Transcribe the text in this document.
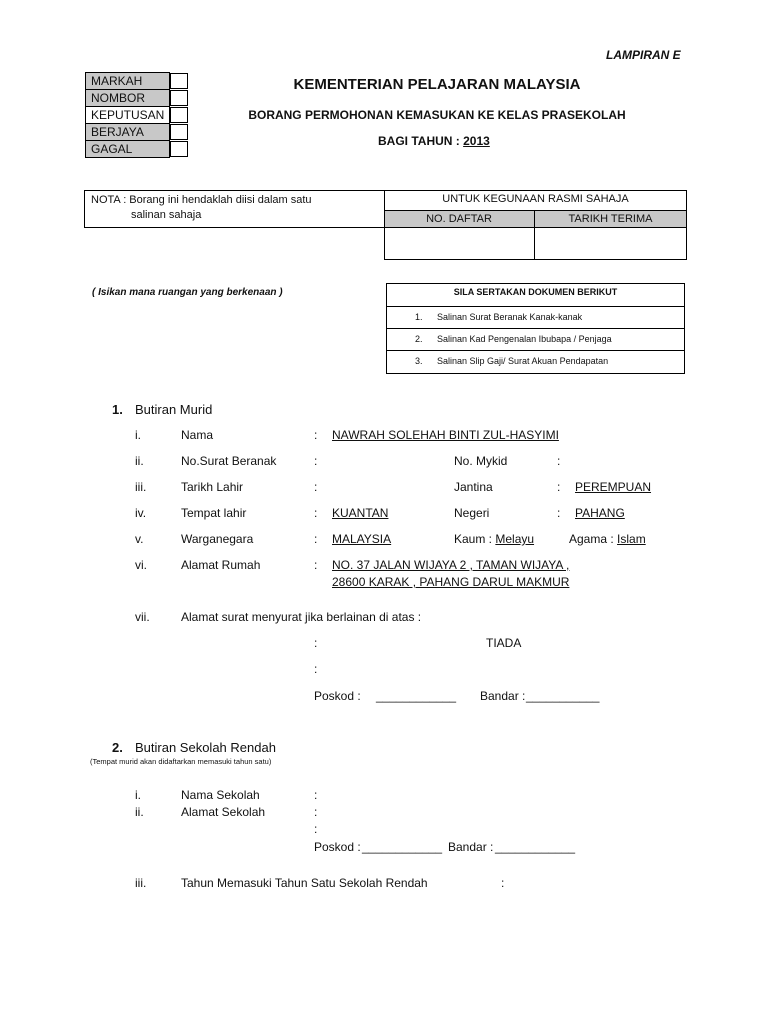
LAMPIRAN E
MARKAH	

NOMBOR	

KEPUTUSAN	

BERJAYA	

GAGAL	
KEMENTERIAN PELAJARAN MALAYSIA
BORANG PERMOHONAN KEMASUKAN KE KELAS PRASEKOLAH
BAGI TAHUN : 2013
NOTA : Borang ini hendaklah diisi dalam satu
salinan sahaja
UNTUK KEGUNAAN RASMI SAHAJA
NO. DAFTAR	TARIKH TERIMA
( Isikan mana ruangan yang berkenaan )	SILA SERTAKAN DOKUMEN BERIKUT
1. Salinan Surat Beranak Kanak-kanak
2. Salinan Kad Pengenalan Ibubapa / Penjaga
3. Salinan Slip Gaji/ Surat Akuan Pendapatan
1. Butiran Murid
i.	Nama	: NAWRAH SOLEHAH BINTI ZUL-HASYIMI
ii.	No.Surat Beranak	:	No. Mykid	:
iii.	Tarikh Lahir	:	Jantina	: PEREMPUAN
iv.	Tempat lahir	: KUANTAN	Negeri	: PAHANG
v.	Warganegara	: MALAYSIA	Kaum : Melayu	Agama : Islam
vi.	Alamat Rumah	: NO. 37 JALAN WIJAYA 2 , TAMAN WIJAYA ,
28600 KARAK , PAHANG DARUL MAKMUR
vii.	Alamat surat menyurat jika berlainan di atas :
:	TIADA
:
Poskod : ____________ Bandar : ___________
2. Butiran Sekolah Rendah
(Tempat murid akan didaftarkan memasuki tahun satu)
i.	Nama Sekolah	:
ii.	Alamat Sekolah	:
:
Poskod : ____________ Bandar : ____________
iii.	Tahun Memasuki Tahun Satu Sekolah Rendah	:
